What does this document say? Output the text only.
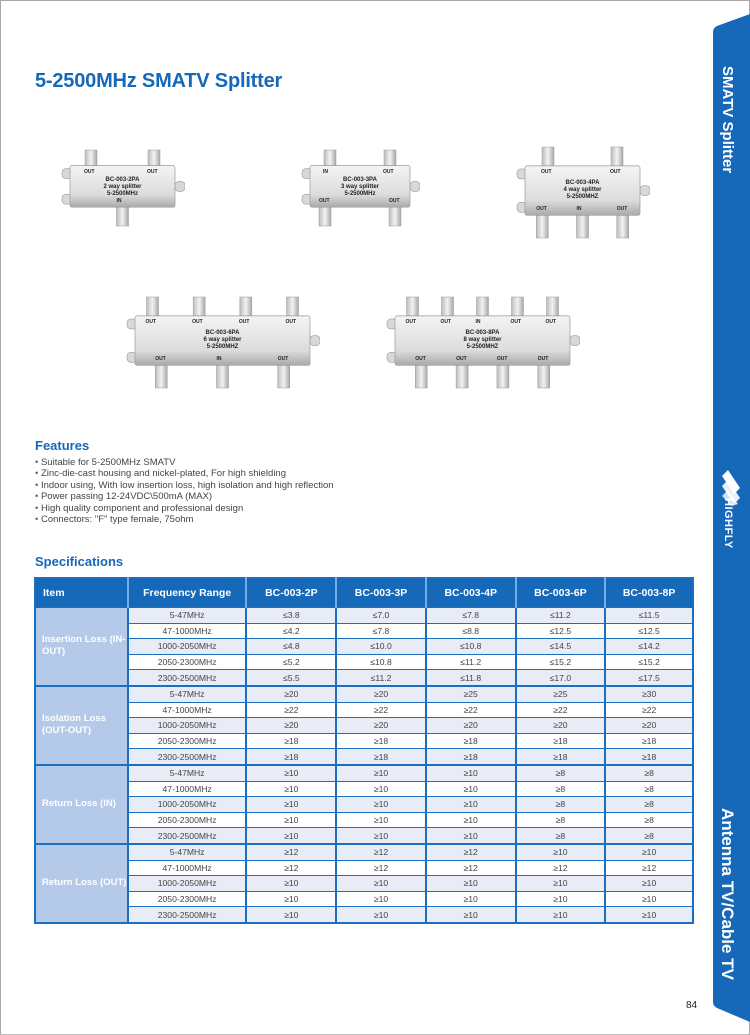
5-2500MHz SMATV Splitter	SMATV Splitter
Antenna TV/Cable TV
HIGHFLY
BC-003-2PA
2 way splitter
5-2500MHz
OUT	OUT
IN
BC-003-3PA
3 way splitter
5-2500MHz
IN	OUT
OUT	OUT
BC-003-4PA
4 way splitter
5-2500MHZ
OUT	OUT
OUT	IN	OUT
BC-003-6PA
6 way splitter
5-2500MHZ
OUT	OUT	OUT	OUT
OUT	IN	OUT
BC-003-8PA
8 way splitter
5-2500MHZ
OUT	OUT	IN	OUT	OUT
OUT	OUT	OUT	OUT
Features
• Suitable for 5-2500MHz SMATV
• Zinc-die-cast housing and nickel-plated, For high shielding
• Indoor using, With low insertion loss, high isolation and high reflection
• Power passing 12-24VDC\500mA (MAX)
• High quality component and professional design
• Connectors: "F" type female, 75ohm
Specifications
Item	Frequency Range	BC-003-2P	BC-003-3P	BC-003-4P	BC-003-6P	BC-003-8P
Insertion Loss (IN-OUT)	5-47MHz	≤3.8	≤7.0	≤7.8	≤11.2	≤11.5
	47-1000MHz	≤4.2	≤7.8	≤8.8	≤12.5	≤12.5
	1000-2050MHz	≤4.8	≤10.0	≤10.8	≤14.5	≤14.2
	2050-2300MHz	≤5.2	≤10.8	≤11.2	≤15.2	≤15.2
	2300-2500MHz	≤5.5	≤11.2	≤11.8	≤17.0	≤17.5
Isolation Loss (OUT-OUT)	5-47MHz	≥20	≥20	≥25	≥25	≥30
	47-1000MHz	≥22	≥22	≥22	≥22	≥22
	1000-2050MHz	≥20	≥20	≥20	≥20	≥20
	2050-2300MHz	≥18	≥18	≥18	≥18	≥18
	2300-2500MHz	≥18	≥18	≥18	≥18	≥18
Return Loss (IN)	5-47MHz	≥10	≥10	≥10	≥8	≥8
	47-1000MHz	≥10	≥10	≥10	≥8	≥8
	1000-2050MHz	≥10	≥10	≥10	≥8	≥8
	2050-2300MHz	≥10	≥10	≥10	≥8	≥8
	2300-2500MHz	≥10	≥10	≥10	≥8	≥8
Return Loss (OUT)	5-47MHz	≥12	≥12	≥12	≥10	≥10
	47-1000MHz	≥12	≥12	≥12	≥12	≥12
	1000-2050MHz	≥10	≥10	≥10	≥10	≥10
	2050-2300MHz	≥10	≥10	≥10	≥10	≥10
	2300-2500MHz	≥10	≥10	≥10	≥10	≥10
84
